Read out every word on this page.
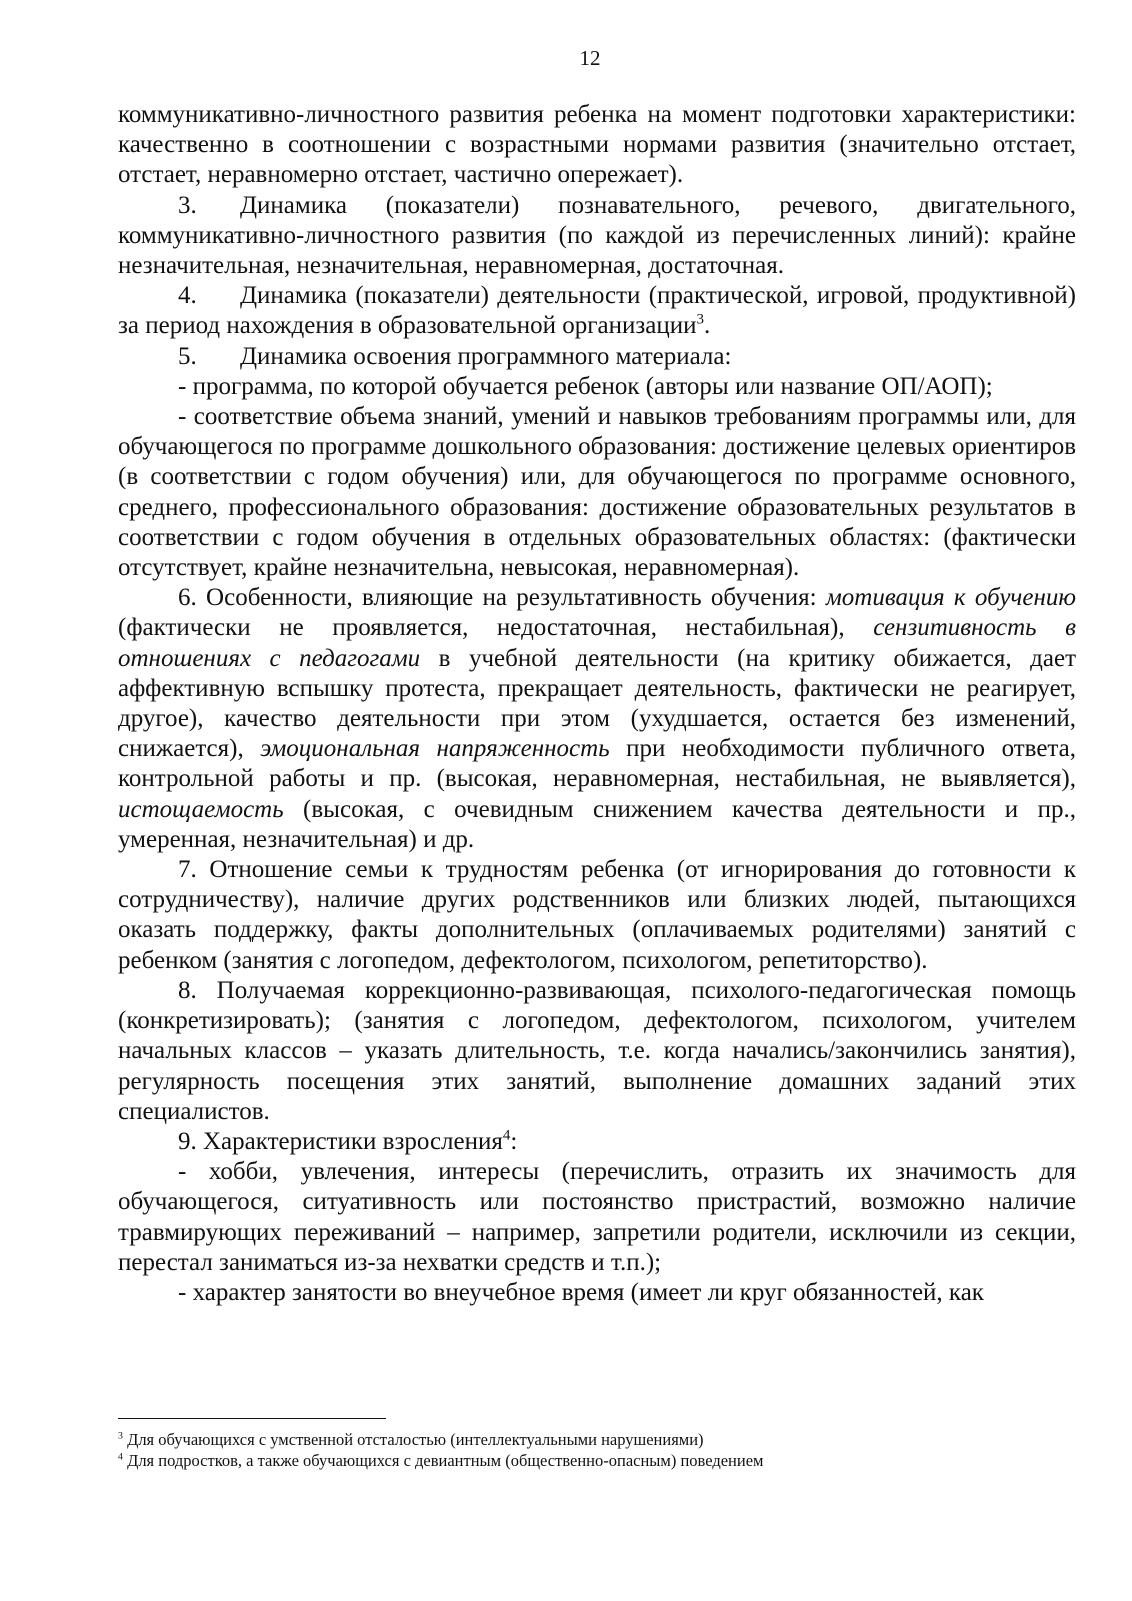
12

коммуникативно-личностного развития ребенка на момент подготовки характеристики: качественно в соотношении с возрастными нормами развития (значительно отстает, отстает, неравномерно отстает, частично опережает).

3. Динамика (показатели) познавательного, речевого, двигательного, коммуникативно-личностного развития (по каждой из перечисленных линий): крайне незначительная, незначительная, неравномерная, достаточная.

4. Динамика (показатели) деятельности (практической, игровой, продуктивной) за период нахождения в образовательной организации$^3$.

5. Динамика освоения программного материала:

- программа, по которой обучается ребенок (авторы или название ОП/АОП);

- соответствие объема знаний, умений и навыков требованиям программы или, для обучающегося по программе дошкольного образования: достижение целевых ориентиров (в соответствии с годом обучения) или, для обучающегося по программе основного, среднего, профессионального образования: достижение образовательных результатов в соответствии с годом обучения в отдельных образовательных областях: (фактически отсутствует, крайне незначительна, невысокая, неравномерная).

6. Особенности, влияющие на результативность обучения: мотивация к обучению (фактически не проявляется, недостаточная, нестабильная), сензитивность в отношениях с педагогами в учебной деятельности (на критику обижается, дает аффективную вспышку протеста, прекращает деятельность, фактически не реагирует, другое), качество деятельности при этом (ухудшается, остается без изменений, снижается), эмоциональная напряженность при необходимости публичного ответа, контрольной работы и пр. (высокая, неравномерная, нестабильная, не выявляется), истощаемость (высокая, с очевидным снижением качества деятельности и пр., умеренная, незначительная) и др.

7. Отношение семьи к трудностям ребенка (от игнорирования до готовности к сотрудничеству), наличие других родственников или близких людей, пытающихся оказать поддержку, факты дополнительных (оплачиваемых родителями) занятий с ребенком (занятия с логопедом, дефектологом, психологом, репетиторство).

8. Получаемая коррекционно-развивающая, психолого-педагогическая помощь (конкретизировать); (занятия с логопедом, дефектологом, психологом, учителем начальных классов – указать длительность, т.е. когда начались/закончились занятия), регулярность посещения этих занятий, выполнение домашних заданий этих специалистов.

9. Характеристики взросления$^4$:

- хобби, увлечения, интересы (перечислить, отразить их значимость для обучающегося, ситуативность или постоянство пристрастий, возможно наличие травмирующих переживаний – например, запретили родители, исключили из секции, перестал заниматься из-за нехватки средств и т.п.);

- характер занятости во внеучебное время (имеет ли круг обязанностей, как

$^3$ Для обучающихся с умственной отсталостью (интеллектуальными нарушениями)

$^4$ Для подростков, а также обучающихся с девиантным (общественно-опасным) поведением
